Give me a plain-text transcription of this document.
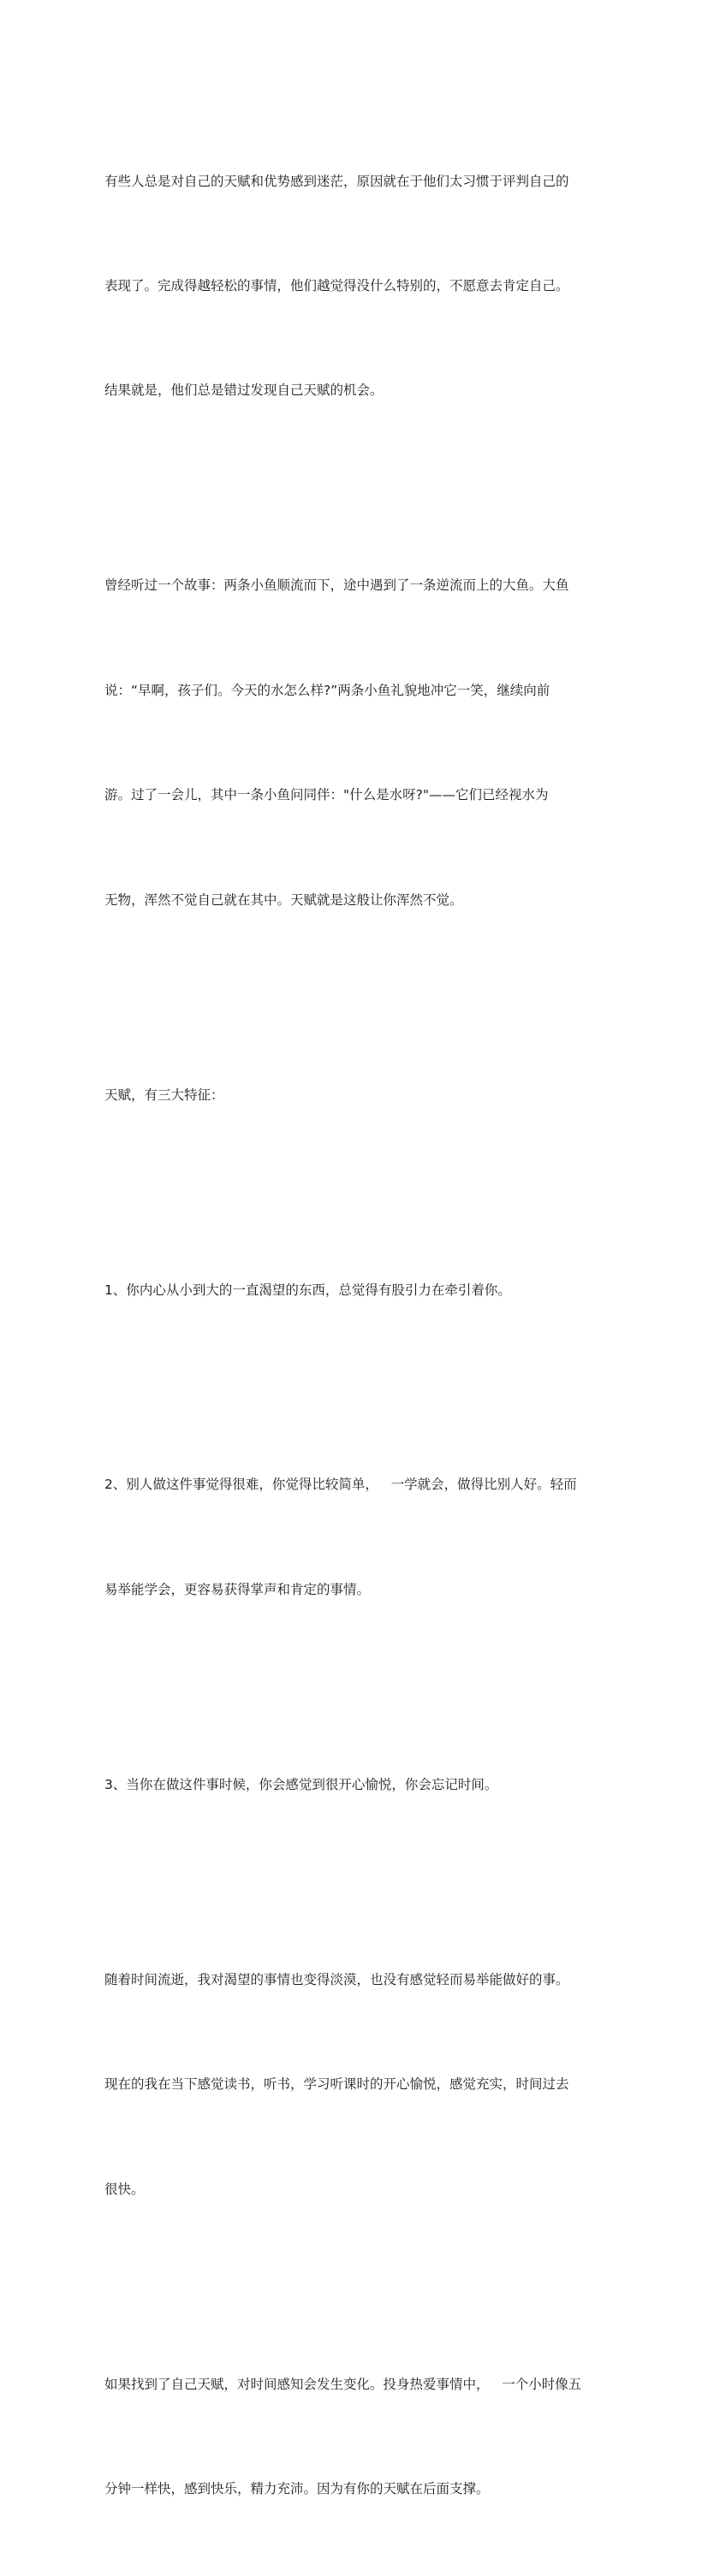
有些人总是对自己的天赋和优势感到迷茫，原因就在于他们太习惯于评判自己的

表现了。完成得越轻松的事情，他们越觉得没什么特别的，不愿意去肯定自己。

结果就是，他们总是错过发现自己天赋的机会。

曾经听过一个故事：两条小鱼顺流而下，途中遇到了一条逆流而上的大鱼。大鱼

说：“早啊，孩子们。今天的水怎么样?”两条小鱼礼貌地冲它一笑，继续向前

游。过了一会儿，其中一条小鱼问同伴："什么是水呀?"——它们已经视水为

无物，浑然不觉自己就在其中。天赋就是这般让你浑然不觉。

天赋，有三大特征：

1、你内心从小到大的一直渴望的东西，总觉得有股引力在牵引着你。

2、别人做这件事觉得很难，你觉得比较简单，   一学就会，做得比别人好。轻而

易举能学会，更容易获得掌声和肯定的事情。

3、当你在做这件事时候，你会感觉到很开心愉悦，你会忘记时间。

随着时间流逝，我对渴望的事情也变得淡漠，也没有感觉轻而易举能做好的事。

现在的我在当下感觉读书，听书，学习听课时的开心愉悦，感觉充实，时间过去

很快。

如果找到了自己天赋，对时间感知会发生变化。投身热爱事情中，   一个小时像五

分钟一样快，感到快乐，精力充沛。因为有你的天赋在后面支撑。
